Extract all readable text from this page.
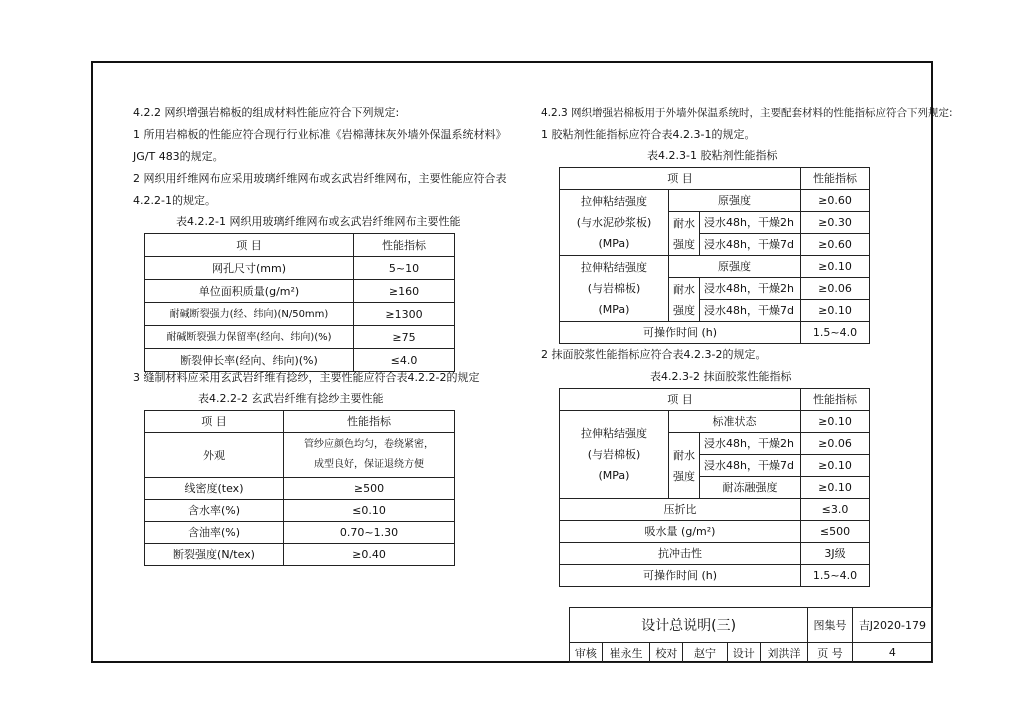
4.2.2 网织增强岩棉板的组成材料性能应符合下列规定:
1 所用岩棉板的性能应符合现行行业标准《岩棉薄抹灰外墙外保温系统材料》
JG/T 483的规定。
2 网织用纤维网布应采用玻璃纤维网布或玄武岩纤维网布，主要性能应符合表
4.2.2-1的规定。
表4.2.2-1 网织用玻璃纤维网布或玄武岩纤维网布主要性能
项 目	性能指标
网孔尺寸(mm)	5~10
单位面积质量(g/m²)	≥160
耐碱断裂强力(经、纬向)(N/50mm)	≥1300
耐碱断裂强力保留率(经向、纬向)(%)	≥75
断裂伸长率(经向、纬向)(%)	≤4.0
3 缝制材料应采用玄武岩纤维有捻纱，主要性能应符合表4.2.2-2的规定
表4.2.2-2 玄武岩纤维有捻纱主要性能
项 目	性能指标
外观	管纱应颜色均匀，卷绕紧密，
成型良好，保证退绕方便

线密度(tex)	≥500
含水率(%)	≤0.10
含油率(%)	0.70~1.30
断裂强度(N/tex)	≥0.40
4.2.3 网织增强岩棉板用于外墙外保温系统时，主要配套材料的性能指标应符合下列规定:
1 胶粘剂性能指标应符合表4.2.3-1的规定。
表4.2.3-1 胶粘剂性能指标
项 目			性能指标

拉伸粘结强度
(与水泥砂浆板)
(MPa)	原强度		≥0.60

	耐水
强度	浸水48h，干燥2h	≥0.30
		浸水48h，干燥7d	≥0.60

拉伸粘结强度
(与岩棉板)
(MPa)	原强度		≥0.10

	耐水
强度	浸水48h，干燥2h	≥0.06
		浸水48h，干燥7d	≥0.10
可操作时间 (h)			1.5~4.0
2 抹面胶浆性能指标应符合表4.2.3-2的规定。
表4.2.3-2 抹面胶浆性能指标
项 目			性能指标

拉伸粘结强度
(与岩棉板)
(MPa)	标准状态		≥0.10

	耐水
强度	浸水48h，干燥2h	≥0.06
		浸水48h，干燥7d	≥0.10
		耐冻融强度	≥0.10
压折比			≤3.0
吸水量 (g/m²)			≤500
抗冲击性			3J级
可操作时间 (h)			1.5~4.0
设计总说明(三)						图集号	吉J2020-179
审核	崔永生	校对	赵宁	设计	刘洪洋	页 号	4
